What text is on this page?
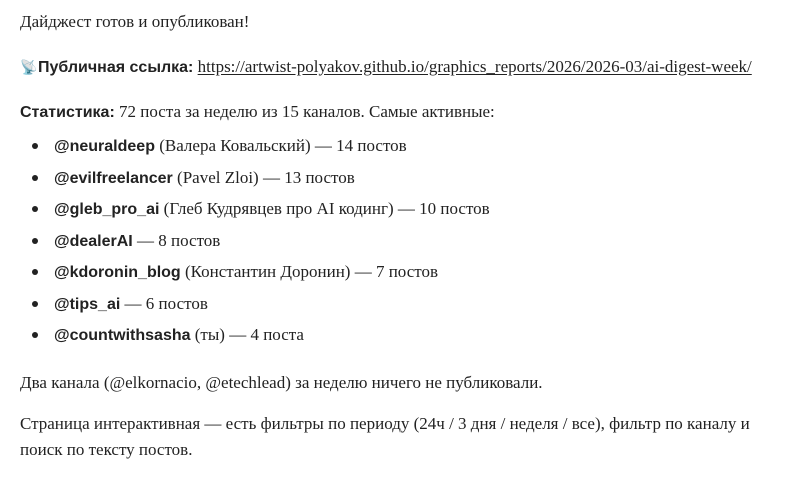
Дайджест готов и опубликован!

📡Публичная ссылка: https://artwist-polyakov.github.io/graphics_reports/2026/2026-03/ai-digest-week/

Статистика: 72 поста за неделю из 15 каналов. Самые активные:

@neuraldeep (Валера Ковальский) — 14 постов
@evilfreelancer (Pavel Zloi) — 13 постов
@gleb_pro_ai (Глеб Кудрявцев про AI кодинг) — 10 постов
@dealerAI — 8 постов
@kdoronin_blog (Константин Доронин) — 7 постов
@tips_ai — 6 постов
@countwithsasha (ты) — 4 поста

Два канала (@elkornacio, @etechlead) за неделю ничего не публиковали.

Страница интерактивная — есть фильтры по периоду (24ч / 3 дня / неделя / все), фильтр по каналу и поиск по тексту постов.
